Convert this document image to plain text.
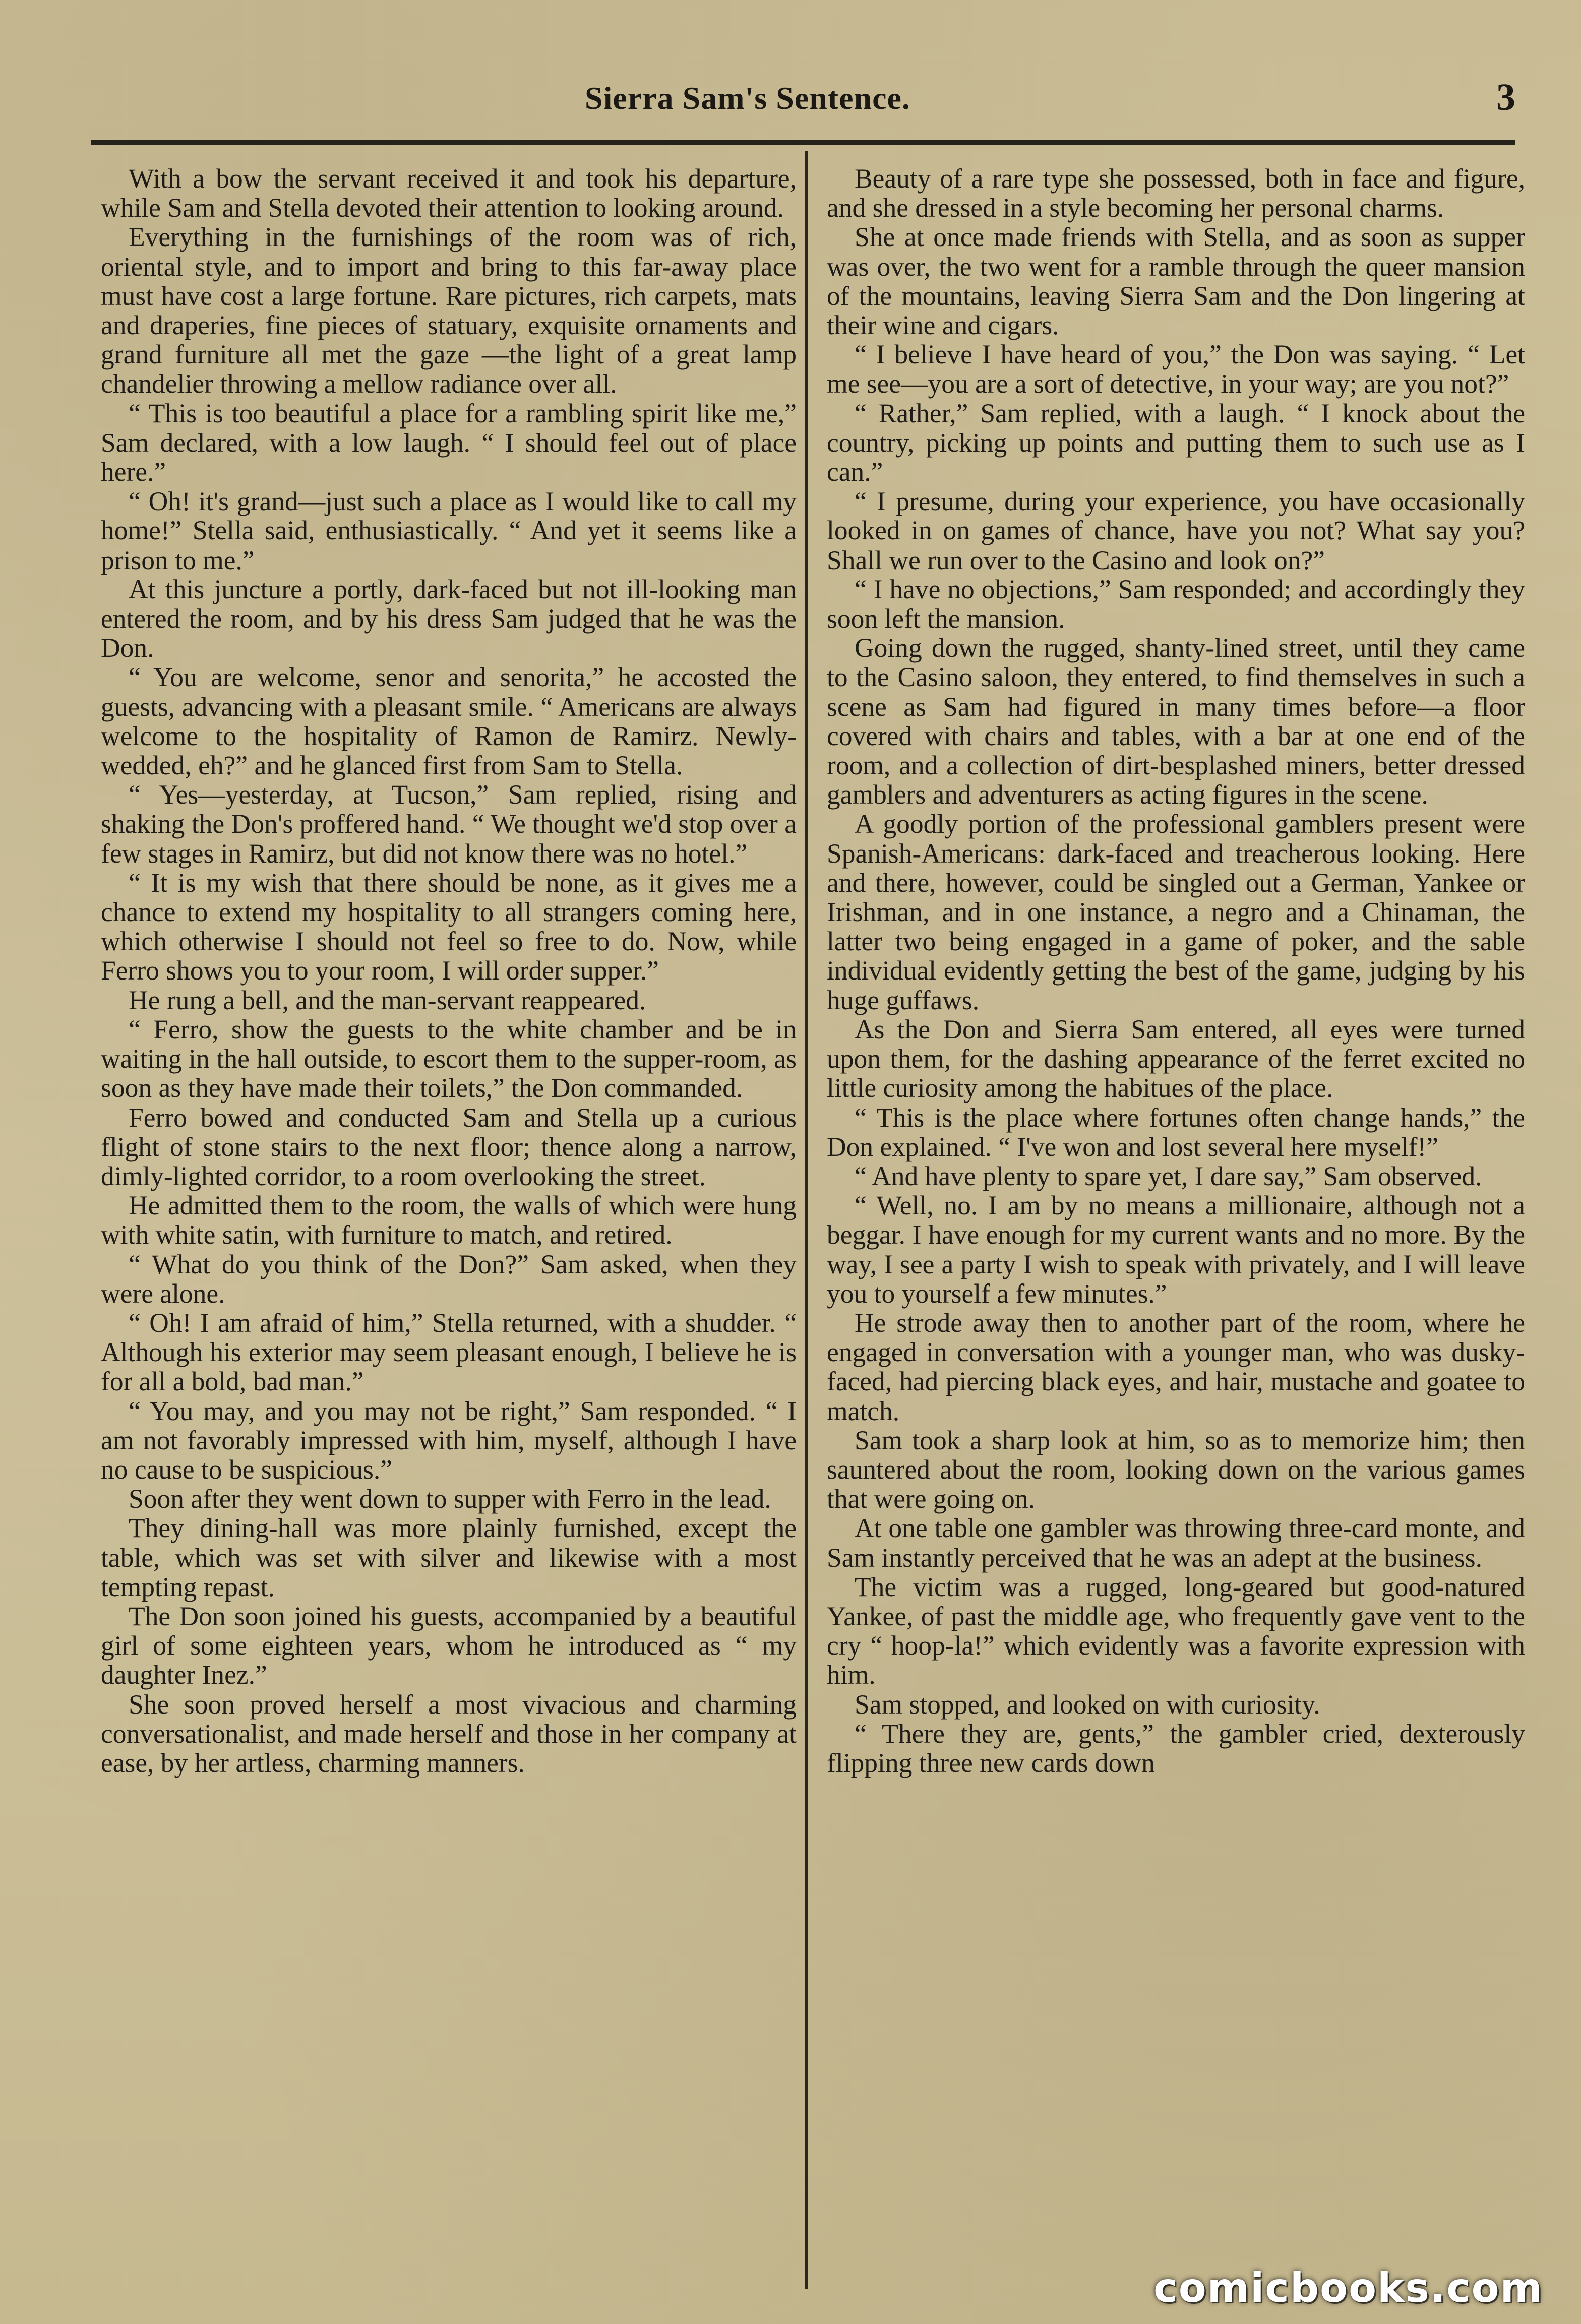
Sierra Sam's Sentence.	3

With a bow the servant received it and took his departure, while Sam and Stella devoted their attention to looking around.

Everything in the furnishings of the room was of rich, oriental style, and to import and bring to this far-away place must have cost a large fortune. Rare pictures, rich carpets, mats and draperies, fine pieces of statuary, exquisite ornaments and grand furniture all met the gaze —the light of a great lamp chandelier throwing a mellow radiance over all.

“ This is too beautiful a place for a rambling spirit like me,” Sam declared, with a low laugh. “ I should feel out of place here.”

“ Oh! it's grand—just such a place as I would like to call my home!” Stella said, enthusiastically. “ And yet it seems like a prison to me.”

At this juncture a portly, dark-faced but not ill-looking man entered the room, and by his dress Sam judged that he was the Don.

“ You are welcome, senor and senorita,” he accosted the guests, advancing with a pleasant smile. “ Americans are always welcome to the hospitality of Ramon de Ramirz. Newly-wedded, eh?” and he glanced first from Sam to Stella.

“ Yes—yesterday, at Tucson,” Sam replied, rising and shaking the Don's proffered hand. “ We thought we'd stop over a few stages in Ramirz, but did not know there was no hotel.”

“ It is my wish that there should be none, as it gives me a chance to extend my hospitality to all strangers coming here, which otherwise I should not feel so free to do. Now, while Ferro shows you to your room, I will order supper.”

He rung a bell, and the man-servant reappeared.

“ Ferro, show the guests to the white chamber and be in waiting in the hall outside, to escort them to the supper-room, as soon as they have made their toilets,” the Don commanded.

Ferro bowed and conducted Sam and Stella up a curious flight of stone stairs to the next floor; thence along a narrow, dimly-lighted corridor, to a room overlooking the street.

He admitted them to the room, the walls of which were hung with white satin, with furniture to match, and retired.

“ What do you think of the Don?” Sam asked, when they were alone.

“ Oh! I am afraid of him,” Stella returned, with a shudder. “ Although his exterior may seem pleasant enough, I believe he is for all a bold, bad man.”

“ You may, and you may not be right,” Sam responded. “ I am not favorably impressed with him, myself, although I have no cause to be suspicious.”

Soon after they went down to supper with Ferro in the lead.

They dining-hall was more plainly furnished, except the table, which was set with silver and likewise with a most tempting repast.

The Don soon joined his guests, accompanied by a beautiful girl of some eighteen years, whom he introduced as “ my daughter Inez.”

She soon proved herself a most vivacious and charming conversationalist, and made herself and those in her company at ease, by her artless, charming manners.

Beauty of a rare type she possessed, both in face and figure, and she dressed in a style becoming her personal charms.

She at once made friends with Stella, and as soon as supper was over, the two went for a ramble through the queer mansion of the mountains, leaving Sierra Sam and the Don lingering at their wine and cigars.

“ I believe I have heard of you,” the Don was saying. “ Let me see—you are a sort of detective, in your way; are you not?”

“ Rather,” Sam replied, with a laugh. “ I knock about the country, picking up points and putting them to such use as I can.”

“ I presume, during your experience, you have occasionally looked in on games of chance, have you not? What say you? Shall we run over to the Casino and look on?”

“ I have no objections,” Sam responded; and accordingly they soon left the mansion.

Going down the rugged, shanty-lined street, until they came to the Casino saloon, they entered, to find themselves in such a scene as Sam had figured in many times before—a floor covered with chairs and tables, with a bar at one end of the room, and a collection of dirt-besplashed miners, better dressed gamblers and adventurers as acting figures in the scene.

A goodly portion of the professional gamblers present were Spanish-Americans: dark-faced and treacherous looking. Here and there, however, could be singled out a German, Yankee or Irishman, and in one instance, a negro and a Chinaman, the latter two being engaged in a game of poker, and the sable individual evidently getting the best of the game, judging by his huge guffaws.

As the Don and Sierra Sam entered, all eyes were turned upon them, for the dashing appearance of the ferret excited no little curiosity among the habitues of the place.

“ This is the place where fortunes often change hands,” the Don explained. “ I've won and lost several here myself!”

“ And have plenty to spare yet, I dare say,” Sam observed.

“ Well, no. I am by no means a millionaire, although not a beggar. I have enough for my current wants and no more. By the way, I see a party I wish to speak with privately, and I will leave you to yourself a few minutes.”

He strode away then to another part of the room, where he engaged in conversation with a younger man, who was dusky-faced, had piercing black eyes, and hair, mustache and goatee to match.

Sam took a sharp look at him, so as to memorize him; then sauntered about the room, looking down on the various games that were going on.

At one table one gambler was throwing three-card monte, and Sam instantly perceived that he was an adept at the business.

The victim was a rugged, long-geared but good-natured Yankee, of past the middle age, who frequently gave vent to the cry “ hoop-la!” which evidently was a favorite expression with him.

Sam stopped, and looked on with curiosity.

“ There they are, gents,” the gambler cried, dexterously flipping three new cards down

comicbooks.com
